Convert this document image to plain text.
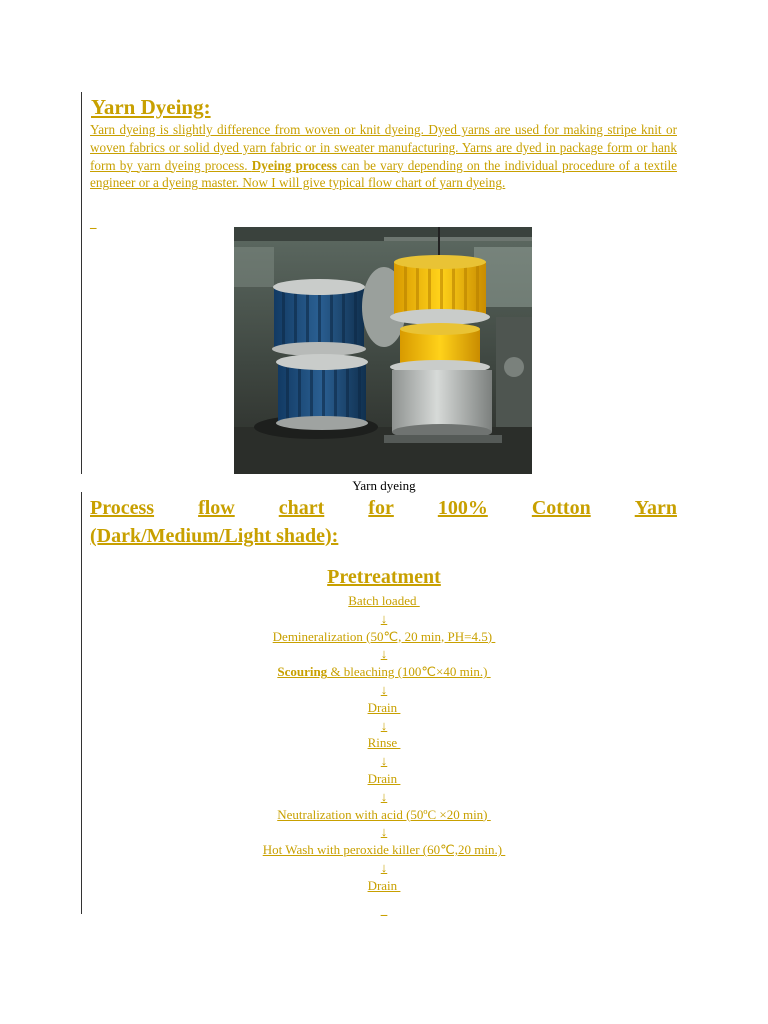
Yarn Dyeing:
Yarn dyeing is slightly difference from woven or knit dyeing. Dyed yarns are used for making stripe knit or woven fabrics or solid dyed yarn fabric or in sweater manufacturing. Yarns are dyed in package form or hank form by yarn dyeing process. Dyeing process can be vary depending on the individual procedure of a textile engineer or a dyeing master. Now I will give typical flow chart of yarn dyeing.
_
Yarn dyeing
Process flow chart for 100% Cotton Yarn
(Dark/Medium/Light shade):
Pretreatment
Batch loaded
↓
Demineralization (50℃, 20 min, PH=4.5)
↓
Scouring & bleaching (100℃×40 min.)
↓
Drain
↓
Rinse
↓
Drain
↓
Neutralization with acid (50ºC ×20 min)
↓
Hot Wash with peroxide killer (60℃,20 min.)
↓
Drain
_
